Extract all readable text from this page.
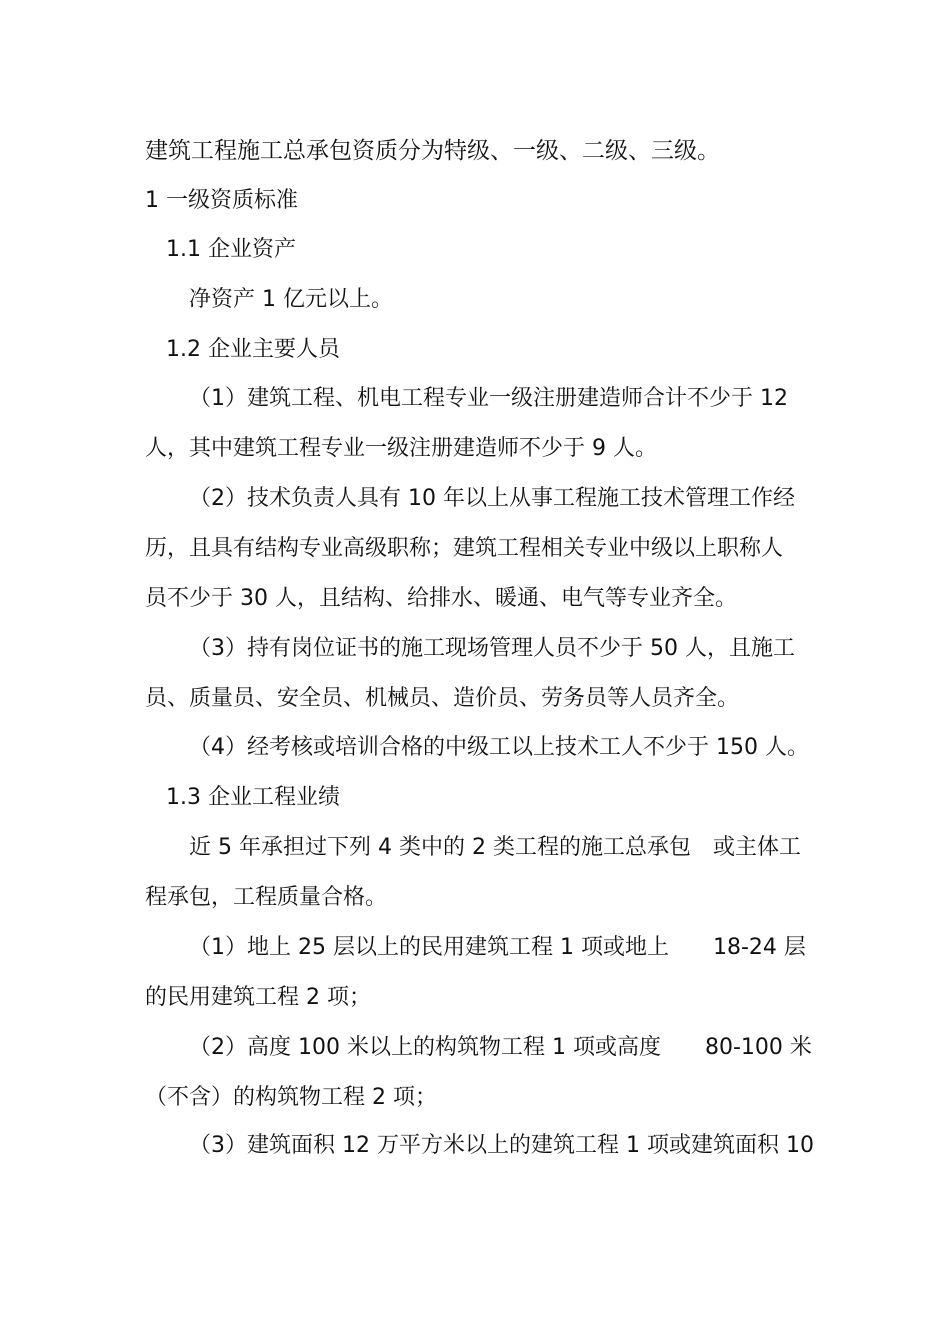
建筑工程施工总承包资质分为特级、一级、二级、三级。
1 一级资质标准
1.1 企业资产
净资产 1 亿元以上。
1.2 企业主要人员
（1）建筑工程、机电工程专业一级注册建造师合计不少于 12
人，其中建筑工程专业一级注册建造师不少于 9 人。
（2）技术负责人具有 10 年以上从事工程施工技术管理工作经
历，且具有结构专业高级职称；建筑工程相关专业中级以上职称人
员不少于 30 人，且结构、给排水、暖通、电气等专业齐全。
（3）持有岗位证书的施工现场管理人员不少于 50 人，且施工
员、质量员、安全员、机械员、造价员、劳务员等人员齐全。
（4）经考核或培训合格的中级工以上技术工人不少于 150 人。
1.3 企业工程业绩
近 5 年承担过下列 4 类中的 2 类工程的施工总承包　或主体工
程承包，工程质量合格。
（1）地上 25 层以上的民用建筑工程 1 项或地上　　18-24 层
的民用建筑工程 2 项；
（2）高度 100 米以上的构筑物工程 1 项或高度　　80-100 米
（不含）的构筑物工程 2 项；
（3）建筑面积 12 万平方米以上的建筑工程 1 项或建筑面积 10
